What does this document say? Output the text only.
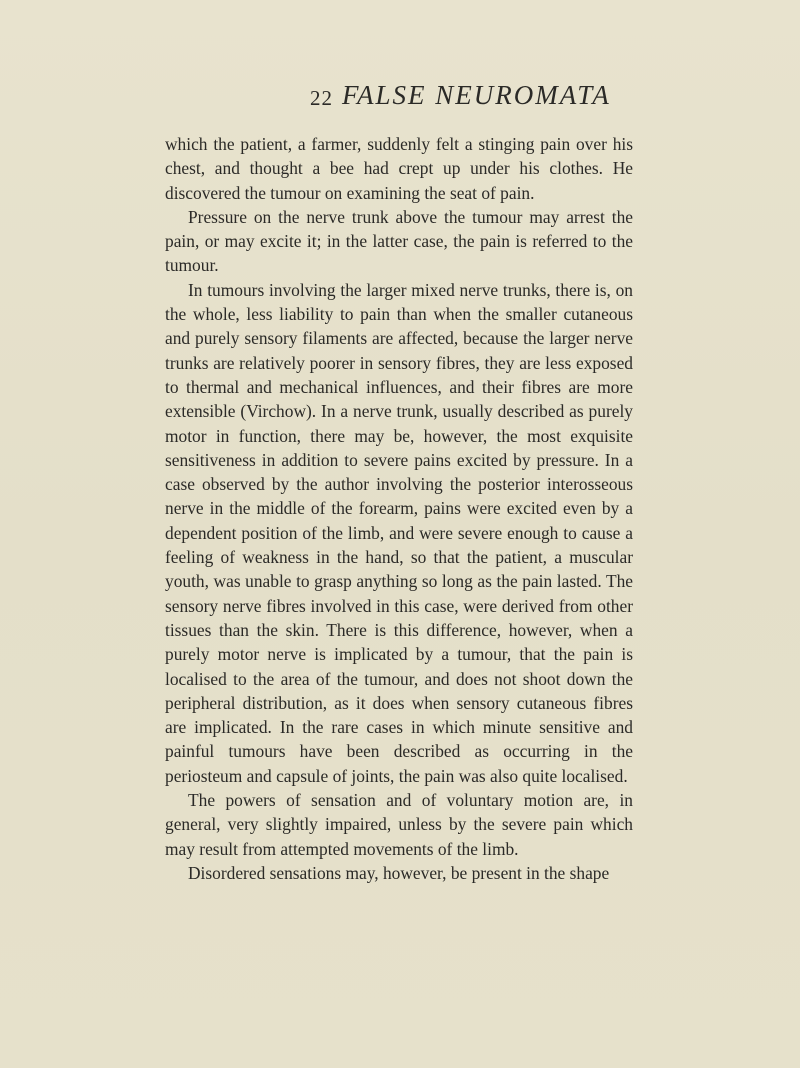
22 FALSE NEUROMATA

which the patient, a farmer, suddenly felt a stinging pain over his chest, and thought a bee had crept up under his clothes. He discovered the tumour on examining the seat of pain.

Pressure on the nerve trunk above the tumour may arrest the pain, or may excite it; in the latter case, the pain is referred to the tumour.

In tumours involving the larger mixed nerve trunks, there is, on the whole, less liability to pain than when the smaller cutaneous and purely sensory filaments are affected, because the larger nerve trunks are relatively poorer in sensory fibres, they are less exposed to thermal and mechanical influences, and their fibres are more extensible (Virchow). In a nerve trunk, usually described as purely motor in function, there may be, however, the most exquisite sensitiveness in addition to severe pains excited by pressure. In a case observed by the author involving the posterior interosseous nerve in the middle of the forearm, pains were excited even by a dependent position of the limb, and were severe enough to cause a feeling of weakness in the hand, so that the patient, a muscular youth, was unable to grasp anything so long as the pain lasted. The sensory nerve fibres involved in this case, were derived from other tissues than the skin. There is this difference, however, when a purely motor nerve is implicated by a tumour, that the pain is localised to the area of the tumour, and does not shoot down the peripheral distribution, as it does when sensory cutaneous fibres are implicated. In the rare cases in which minute sensitive and painful tumours have been described as occurring in the periosteum and capsule of joints, the pain was also quite localised.

The powers of sensation and of voluntary motion are, in general, very slightly impaired, unless by the severe pain which may result from attempted movements of the limb.

Disordered sensations may, however, be present in the shape
